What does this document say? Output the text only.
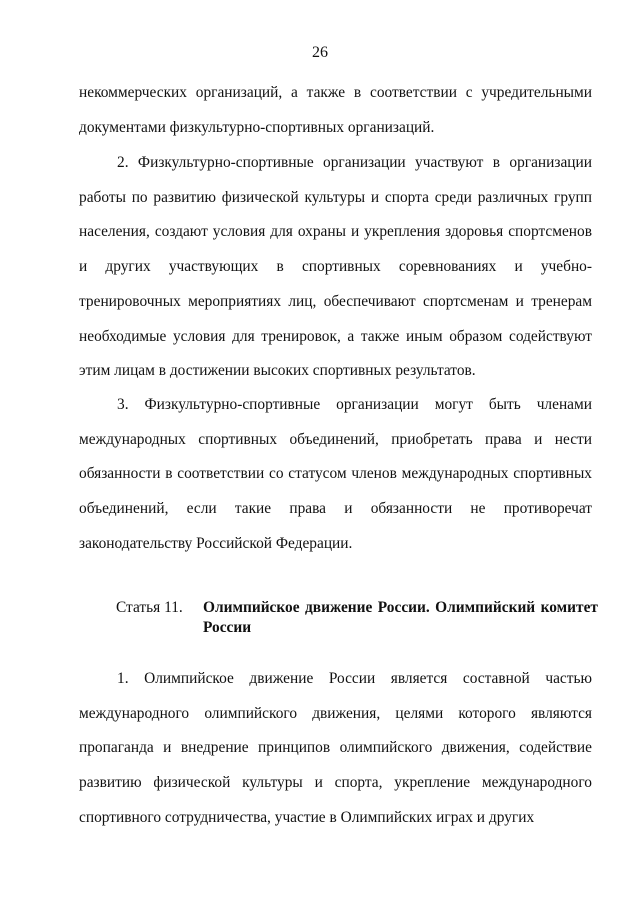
26

некоммерческих организаций, а также в соответствии с учредительными документами физкультурно-спортивных организаций.

2. Физкультурно-спортивные организации участвуют в организации работы по развитию физической культуры и спорта среди различных групп населения, создают условия для охраны и укрепления здоровья спортсменов и других участвующих в спортивных соревнованиях и учебно-тренировочных мероприятиях лиц, обеспечивают спортсменам и тренерам необходимые условия для тренировок, а также иным образом содействуют этим лицам в достижении высоких спортивных результатов.

3. Физкультурно-спортивные организации могут быть членами международных спортивных объединений, приобретать права и нести обязанности в соответствии со статусом членов международных спортивных объединений, если такие права и обязанности не противоречат законодательству Российской Федерации.

Статья 11. Олимпийское движение России. Олимпийский комитет России

1. Олимпийское движение России является составной частью международного олимпийского движения, целями которого являются пропаганда и внедрение принципов олимпийского движения, содействие развитию физической культуры и спорта, укрепление международного спортивного сотрудничества, участие в Олимпийских играх и других
